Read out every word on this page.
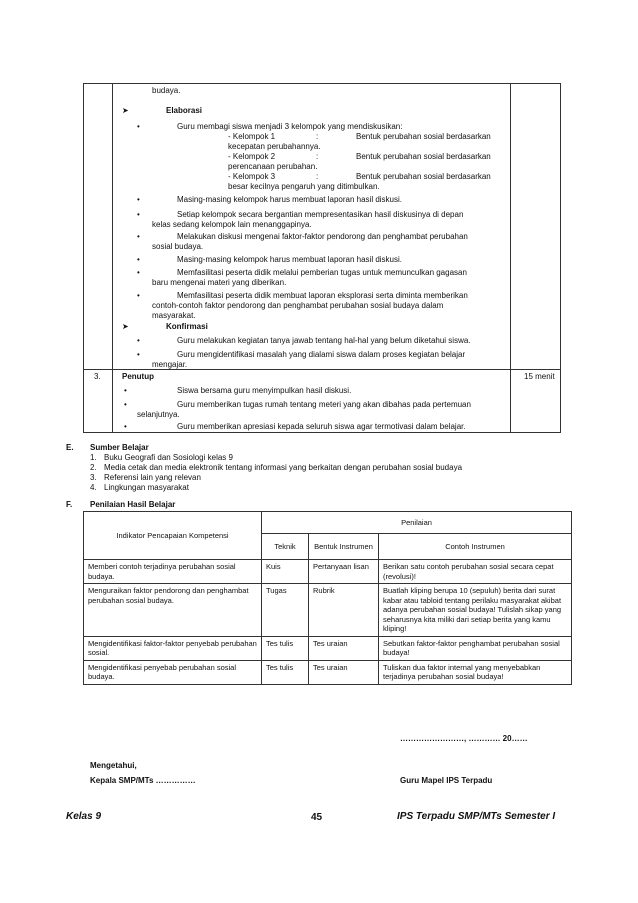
budaya.
➤	Elaborasi
•	Guru membagi siswa menjadi 3 kelompok yang mendiskusikan:
- Kelompok 1	:	Bentuk perubahan sosial berdasarkan
kecepatan perubahannya.
- Kelompok 2	:	Bentuk perubahan sosial berdasarkan
perencanaan perubahan.
- Kelompok 3	:	Bentuk perubahan sosial berdasarkan
besar kecilnya pengaruh yang ditimbulkan.
•	Masing-masing kelompok harus membuat laporan hasil diskusi.
•	Setiap kelompok secara bergantian mempresentasikan hasil diskusinya di depan
kelas sedang kelompok lain menanggapinya.
•	Melakukan diskusi mengenai faktor-faktor pendorong dan penghambat perubahan
sosial budaya.
•	Masing-masing kelompok harus membuat laporan hasil diskusi.
•	Memfasilitasi peserta didik melalui pemberian tugas untuk memunculkan gagasan
baru mengenai materi yang diberikan.
•	Memfasilitasi peserta didik membuat laporan eksplorasi serta diminta memberikan
contoh-contoh faktor pendorong dan penghambat perubahan sosial budaya dalam
masyarakat.
➤	Konfirmasi
•	Guru melakukan kegiatan tanya jawab tentang hal-hal yang belum diketahui siswa.
•	Guru mengidentifikasi masalah yang dialami siswa dalam proses kegiatan belajar
mengajar.
3.	Penutup	15 menit
•	Siswa bersama guru menyimpulkan hasil diskusi.
•	Guru memberikan tugas rumah tentang meteri yang akan dibahas pada pertemuan
selanjutnya.
•	Guru memberikan apresiasi kepada seluruh siswa agar termotivasi dalam belajar.
E. Sumber Belajar
1. Buku Geografi dan Sosiologi kelas 9
2. Media cetak dan media elektronik tentang informasi yang berkaitan dengan perubahan sosial budaya
3. Referensi lain yang relevan
4. Lingkungan masyarakat
F. Penilaian Hasil Belajar
Indikator Pencapaian Kompetensi	Penilaian		
	Teknik	Bentuk Instrumen	Contoh Instrumen
Memberi contoh terjadinya perubahan sosial budaya.	Kuis	Pertanyaan lisan	Berikan satu contoh perubahan sosial secara cepat (revolusi)!
Menguraikan faktor pendorong dan penghambat perubahan sosial budaya.	Tugas	Rubrik	Buatlah kliping berupa 10 (sepuluh) berita dari surat kabar atau tabloid tentang perilaku masyarakat akibat adanya perubahan sosial budaya! Tulislah sikap yang seharusnya kita miliki dari setiap berita yang kamu kliping!
Mengidentifikasi faktor-faktor penyebab perubahan sosial.	Tes tulis	Tes uraian	Sebutkan faktor-faktor penghambat perubahan sosial budaya!
Mengidentifikasi penyebab perubahan sosial budaya.	Tes tulis	Tes uraian	Tuliskan dua faktor internal yang menyebabkan terjadinya perubahan sosial budaya!
……………………, ………… 20……
Mengetahui,
Kepala SMP/MTs ……………	Guru Mapel IPS Terpadu
Kelas 9	45	IPS Terpadu SMP/MTs Semester I
